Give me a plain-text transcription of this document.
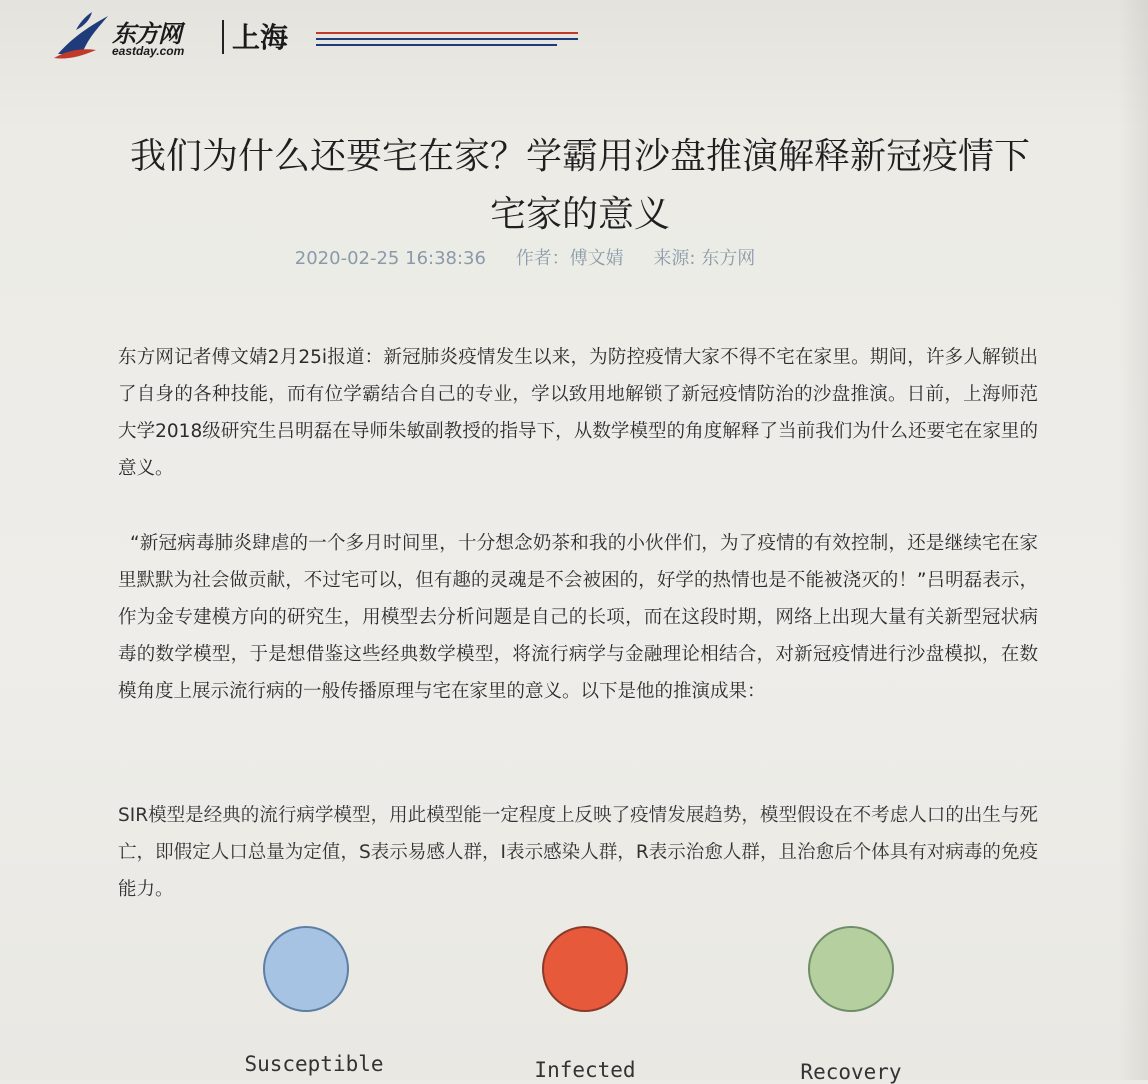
东方网
eastday.com 上海
我们为什么还要宅在家？学霸用沙盘推演解释新冠疫情下宅家的意义
2020-02-25 16:38:36 作者：傅文婧 来源: 东方网

东方网记者傅文婧2月25i报道：新冠肺炎疫情发生以来，为防控疫情大家不得不宅在家里。期间，许多人解锁出了自身的各种技能，而有位学霸结合自己的专业，学以致用地解锁了新冠疫情防治的沙盘推演。日前，上海师范大学2018级研究生吕明磊在导师朱敏副教授的指导下，从数学模型的角度解释了当前我们为什么还要宅在家里的意义。

“新冠病毒肺炎肆虐的一个多月时间里，十分想念奶茶和我的小伙伴们，为了疫情的有效控制，还是继续宅在家里默默为社会做贡献，不过宅可以，但有趣的灵魂是不会被困的，好学的热情也是不能被浇灭的！”吕明磊表示，作为金专建模方向的研究生，用模型去分析问题是自己的长项，而在这段时期，网络上出现大量有关新型冠状病毒的数学模型，于是想借鉴这些经典数学模型，将流行病学与金融理论相结合，对新冠疫情进行沙盘模拟，在数模角度上展示流行病的一般传播原理与宅在家里的意义。以下是他的推演成果：

SIR模型是经典的流行病学模型，用此模型能一定程度上反映了疫情发展趋势，模型假设在不考虑人口的出生与死亡，即假定人口总量为定值，S表示易感人群，I表示感染人群，R表示治愈人群，且治愈后个体具有对病毒的免疫能力。

Susceptible	Infected	Recovery
